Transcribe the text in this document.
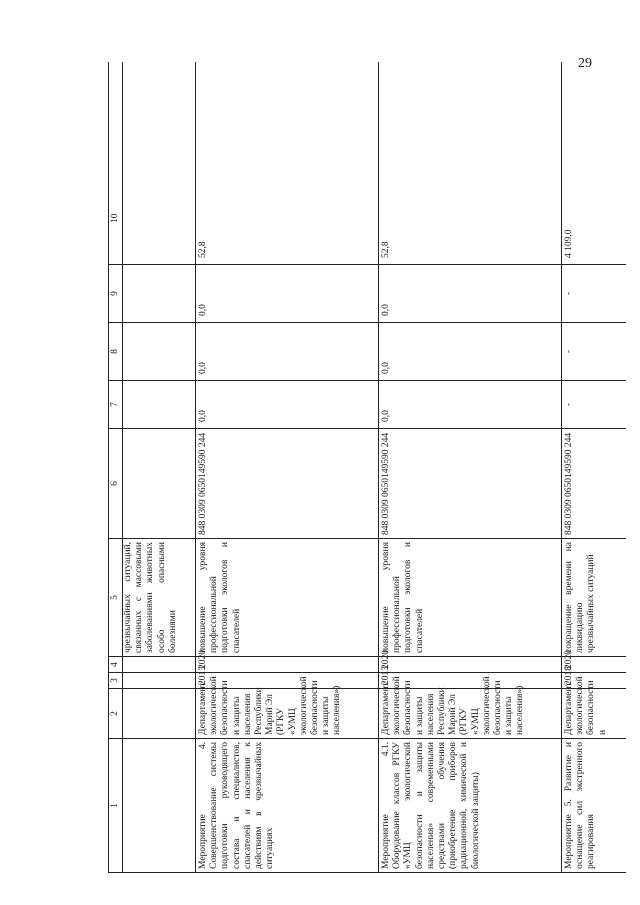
29
1	2	3	4	5	6	7	8	9	10	
				чрезвычайных ситуаций, связанных с массовыми заболеваниями животных особо опасными болезнями						
Мероприятие 4. Совершенствование системы подготовки руководящего состава и специалистов, спасателей и населения к действиям в чрезвычайных ситуациях	Департамент экологической безопасности и защиты населения Республики Марий Эл (РГКУ «УМЦ экологической безопасности и защиты населения»)	2013	2020	повышение уровня профессиональной подготовки экологов и спасателей	848 0309 0650149590 244	0,0	0,0	0,0	52,8	
Мероприятие 4.1. Оборудование классов РГКУ «УМЦ экологической безопасности и защиты населения» современными средствами обучения (приобретение приборов радиационной, химической и биологической защиты)	Департамент экологической безопасности и защиты населения Республики Марий Эл (РГКУ «УМЦ экологической безопасности и защиты населения»)	2013	2020	повышение уровня профессиональной подготовки экологов и спасателей	848 0309 0650149590 244	0,0	0,0	0,0	52,8	
Мероприятие 5. Развитие и оснащение сил экстренного реагирования	Департамент экологической безопасности и	2018	2020	сокращение времени на ликвидацию чрезвычайных ситуаций	848 0309 0650149590 244	-	-	-	4 109,0	
